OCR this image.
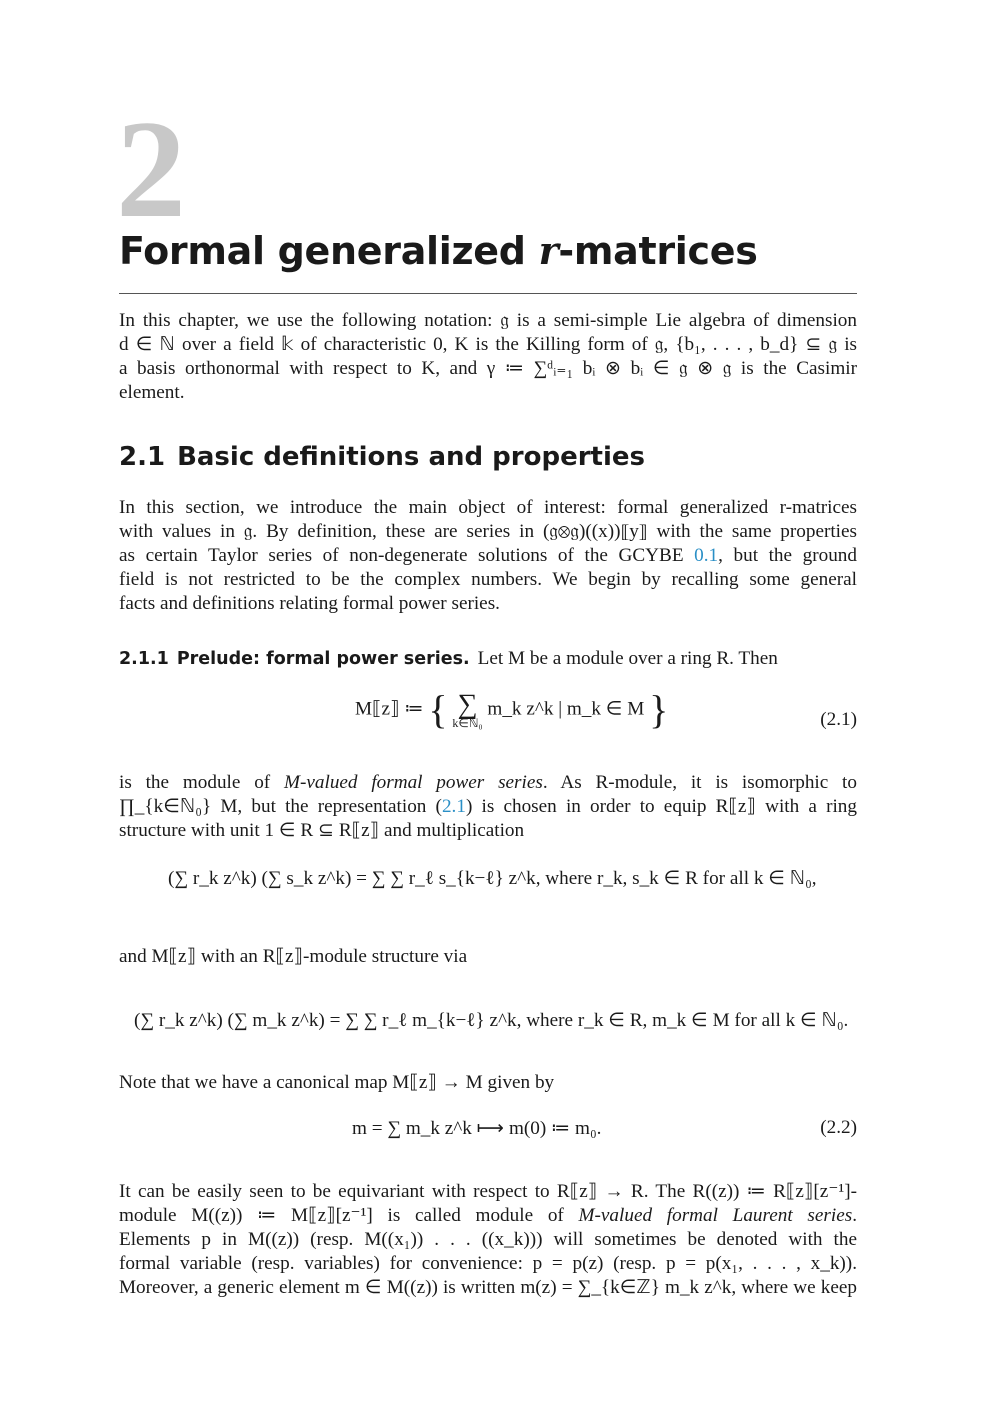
2
Formal generalized r-matrices
In this chapter, we use the following notation: 𝔤 is a semi-simple Lie algebra of dimension
d ∈ ℕ over a field 𝕜 of characteristic 0, K is the Killing form of 𝔤, {b₁, . . . , b_d} ⊆ 𝔤 is
a basis orthonormal with respect to K, and γ ≔ ∑ᵈᵢ₌₁ bᵢ ⊗ bᵢ ∈ 𝔤 ⊗ 𝔤 is the Casimir
element.
2.1 Basic definitions and properties
In this section, we introduce the main object of interest: formal generalized r-matrices
with values in 𝔤. By definition, these are series in (𝔤⊗𝔤)((x))⟦y⟧ with the same properties
as certain Taylor series of non-degenerate solutions of the GCYBE 0.1, but the ground
field is not restricted to be the complex numbers. We begin by recalling some general
facts and definitions relating formal power series.
2.1.1 Prelude: formal power series. Let M be a module over a ring R. Then
M⟦z⟧ ≔ { ∑
k∈ℕ₀
m_k z^k | m_k ∈ M }	(2.1)
is the module of M-valued formal power series. As R-module, it is isomorphic to
∏_{k∈ℕ₀} M, but the representation (2.1) is chosen in order to equip R⟦z⟧ with a ring
structure with unit 1 ∈ R ⊆ R⟦z⟧ and multiplication
(∑ r_k z^k) (∑ s_k z^k) = ∑ ∑ r_ℓ s_{k−ℓ} z^k, where r_k, s_k ∈ R for all k ∈ ℕ₀,
and M⟦z⟧ with an R⟦z⟧-module structure via
(∑ r_k z^k) (∑ m_k z^k) = ∑ ∑ r_ℓ m_{k−ℓ} z^k, where r_k ∈ R, m_k ∈ M for all k ∈ ℕ₀.
Note that we have a canonical map M⟦z⟧ → M given by
m = ∑ m_k z^k ⟼ m(0) ≔ m₀.	(2.2)
It can be easily seen to be equivariant with respect to R⟦z⟧ → R. The R((z)) ≔ R⟦z⟧[z⁻¹]-
module M((z)) ≔ M⟦z⟧[z⁻¹] is called module of M-valued formal Laurent series.
Elements p in M((z)) (resp. M((x₁)) . . . ((x_k))) will sometimes be denoted with the
formal variable (resp. variables) for convenience: p = p(z) (resp. p = p(x₁, . . . , x_k)).
Moreover, a generic element m ∈ M((z)) is written m(z) = ∑_{k∈ℤ} m_k z^k, where we keep
